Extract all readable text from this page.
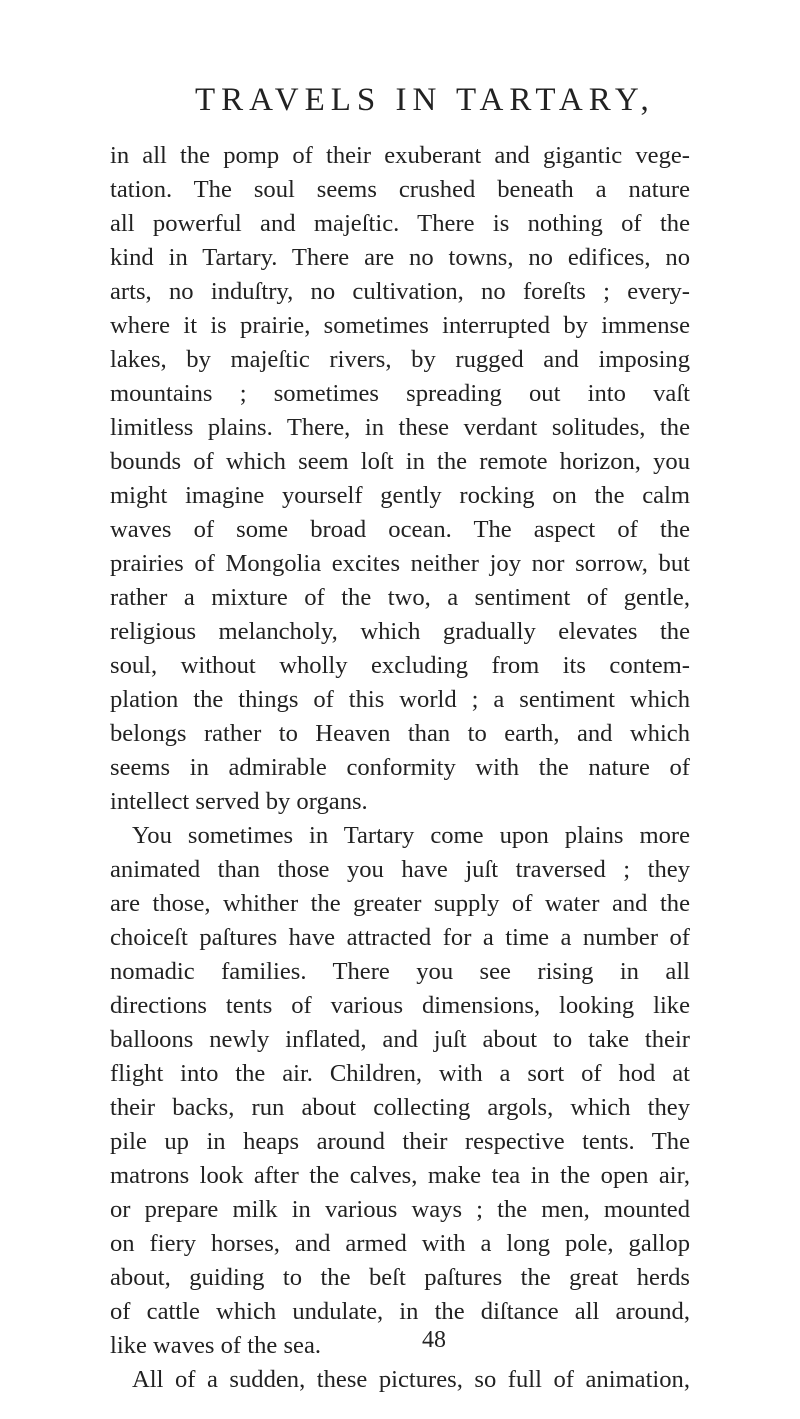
TRAVELS IN TARTARY,
in all the pomp of their exuberant and gigantic vege-
tation. The soul seems crushed beneath a nature
all powerful and majeſtic. There is nothing of the
kind in Tartary. There are no towns, no edifices, no
arts, no induſtry, no cultivation, no foreſts ; every-
where it is prairie, sometimes interrupted by immense
lakes, by majeſtic rivers, by rugged and imposing
mountains ; sometimes spreading out into vaſt
limitless plains. There, in these verdant solitudes, the
bounds of which seem loſt in the remote horizon, you
might imagine yourself gently rocking on the calm
waves of some broad ocean. The aspect of the
prairies of Mongolia excites neither joy nor sorrow, but
rather a mixture of the two, a sentiment of gentle,
religious melancholy, which gradually elevates the
soul, without wholly excluding from its contem-
plation the things of this world ; a sentiment which
belongs rather to Heaven than to earth, and which
seems in admirable conformity with the nature of
intellect served by organs.
You sometimes in Tartary come upon plains more
animated than those you have juſt traversed ; they
are those, whither the greater supply of water and the
choiceſt paſtures have attracted for a time a number of
nomadic families. There you see rising in all
directions tents of various dimensions, looking like
balloons newly inflated, and juſt about to take their
flight into the air. Children, with a sort of hod at
their backs, run about collecting argols, which they
pile up in heaps around their respective tents. The
matrons look after the calves, make tea in the open air,
or prepare milk in various ways ; the men, mounted
on fiery horses, and armed with a long pole, gallop
about, guiding to the beſt paſtures the great herds
of cattle which undulate, in the diſtance all around,
like waves of the sea.
All of a sudden, these pictures, so full of animation,
48
